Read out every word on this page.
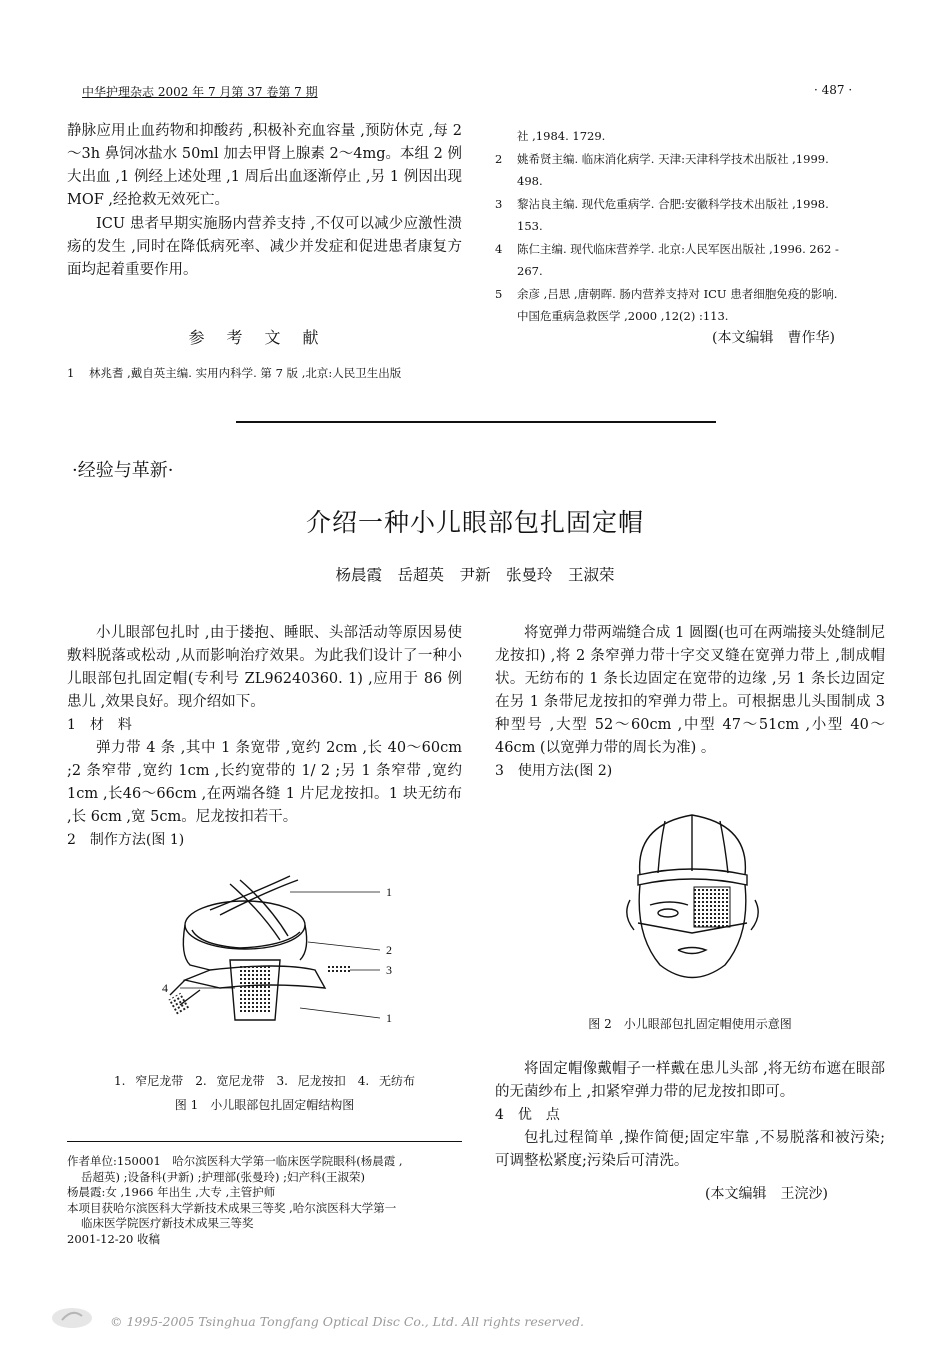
中华护理杂志 2002 年 7 月第 37 卷第 7 期	· 487 ·

静脉应用止血药物和抑酸药 ,积极补充血容量 ,预防休克 ,每 2～3h 鼻饲冰盐水 50ml 加去甲肾上腺素 2～4mg。本组 2 例大出血 ,1 例经上述处理 ,1 周后出血逐渐停止 ,另 1 例因出现 MOF ,经抢救无效死亡。

ICU 患者早期实施肠内营养支持 ,不仅可以减少应激性溃疡的发生 ,同时在降低病死率、减少并发症和促进患者康复方面均起着重要作用。

参考文献

1 林兆耆 ,戴自英主编. 实用内科学. 第 7 版 ,北京:人民卫生出版

社 ,1984. 1729.

2 姚希贤主编. 临床消化病学. 天津:天津科学技术出版社 ,1999.
498.

3 黎沾良主编. 现代危重病学. 合肥:安徽科学技术出版社 ,1998.
153.

4 陈仁主编. 现代临床营养学. 北京:人民军医出版社 ,1996. 262 -
267.

5 余彦 ,吕思 ,唐朝晖. 肠内营养支持对 ICU 患者细胞免疫的影响.
中国危重病急救医学 ,2000 ,12(2) :113.

(本文编辑　曹作华)
·经验与革新·
介绍一种小儿眼部包扎固定帽
杨晨霞　岳超英　尹新　张曼玲　王淑荣

小儿眼部包扎时 ,由于搂抱、睡眠、头部活动等原因易使敷料脱落或松动 ,从而影响治疗效果。为此我们设计了一种小儿眼部包扎固定帽(专利号 ZL96240360. 1) ,应用于 86 例患儿 ,效果良好。现介绍如下。

1　材　料

弹力带 4 条 ,其中 1 条宽带 ,宽约 2cm ,长 40～60cm ;2 条窄带 ,宽约 1cm ,长约宽带的 1/ 2 ;另 1 条窄带 ,宽约 1cm ,长46～66cm ,在两端各缝 1 片尼龙按扣。1 块无纺布 ,长 6cm ,宽 5cm。尼龙按扣若干。

2　制作方法(图 1)

1
2
3
4
1
1. 窄尼龙带　2. 宽尼龙带　3. 尼龙按扣　4. 无纺布
图 1　小儿眼部包扎固定帽结构图

将宽弹力带两端缝合成 1 圆圈(也可在两端接头处缝制尼龙按扣) ,将 2 条窄弹力带十字交叉缝在宽弹力带上 ,制成帽状。无纺布的 1 条长边固定在宽带的边缘 ,另 1 条长边固定在另 1 条带尼龙按扣的窄弹力带上。可根据患儿头围制成 3 种型号 ,大型 52～60cm ,中型 47～51cm ,小型 40～46cm (以宽弹力带的周长为准) 。

3　使用方法(图 2)

图 2　小儿眼部包扎固定帽使用示意图

将固定帽像戴帽子一样戴在患儿头部 ,将无纺布遮在眼部的无菌纱布上 ,扣紧窄弹力带的尼龙按扣即可。

4　优　点

包扎过程简单 ,操作简便;固定牢靠 ,不易脱落和被污染;可调整松紧度;污染后可清洗。

(本文编辑　王浣沙)

作者单位:150001　哈尔滨医科大学第一临床医学院眼科(杨晨霞 ,

岳超英) ;设备科(尹新) ;护理部(张曼玲) ;妇产科(王淑荣)

杨晨霞:女 ,1966 年出生 ,大专 ,主管护师

本项目获哈尔滨医科大学新技术成果三等奖 ,哈尔滨医科大学第一

临床医学院医疗新技术成果三等奖

2001-12-20 收稿

© 1995-2005 Tsinghua Tongfang Optical Disc Co., Ltd. All rights reserved.
